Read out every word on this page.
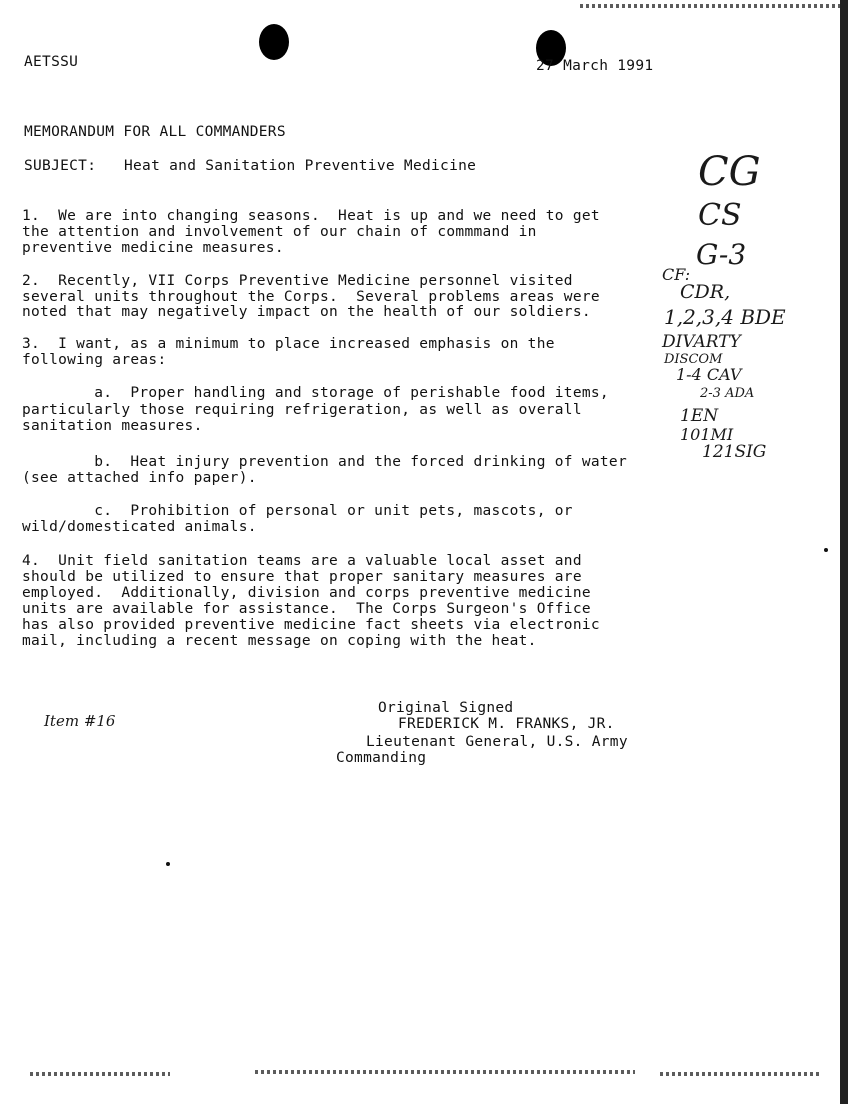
AETSSU	27 March 1991
MEMORANDUM FOR ALL COMMANDERS
SUBJECT: Heat and Sanitation Preventive Medicine
1.  We are into changing seasons.  Heat is up and we need to get
the attention and involvement of our chain of commmand in
preventive medicine measures.
2.  Recently, VII Corps Preventive Medicine personnel visited
several units throughout the Corps.  Several problems areas were
noted that may negatively impact on the health of our soldiers.
3.  I want, as a minimum to place increased emphasis on the
following areas:
a.  Proper handling and storage of perishable food items,
particularly those requiring refrigeration, as well as overall
sanitation measures.
b.  Heat injury prevention and the forced drinking of water
(see attached info paper).
c.  Prohibition of personal or unit pets, mascots, or
wild/domesticated animals.
4.  Unit field sanitation teams are a valuable local asset and
should be utilized to ensure that proper sanitary measures are
employed.  Additionally, division and corps preventive medicine
units are available for assistance.  The Corps Surgeon's Office
has also provided preventive medicine fact sheets via electronic
mail, including a recent message on coping with the heat.
Original Signed
FREDERICK M. FRANKS, JR.
Lieutenant General, U.S. Army
Commanding
CG
CS
G-3
CF:
CDR,
1,2,3,4 BDE
DIVARTY
DISCOM
1-4 CAV
2-3 ADA
1EN
101MI
121SIG
Item #16
